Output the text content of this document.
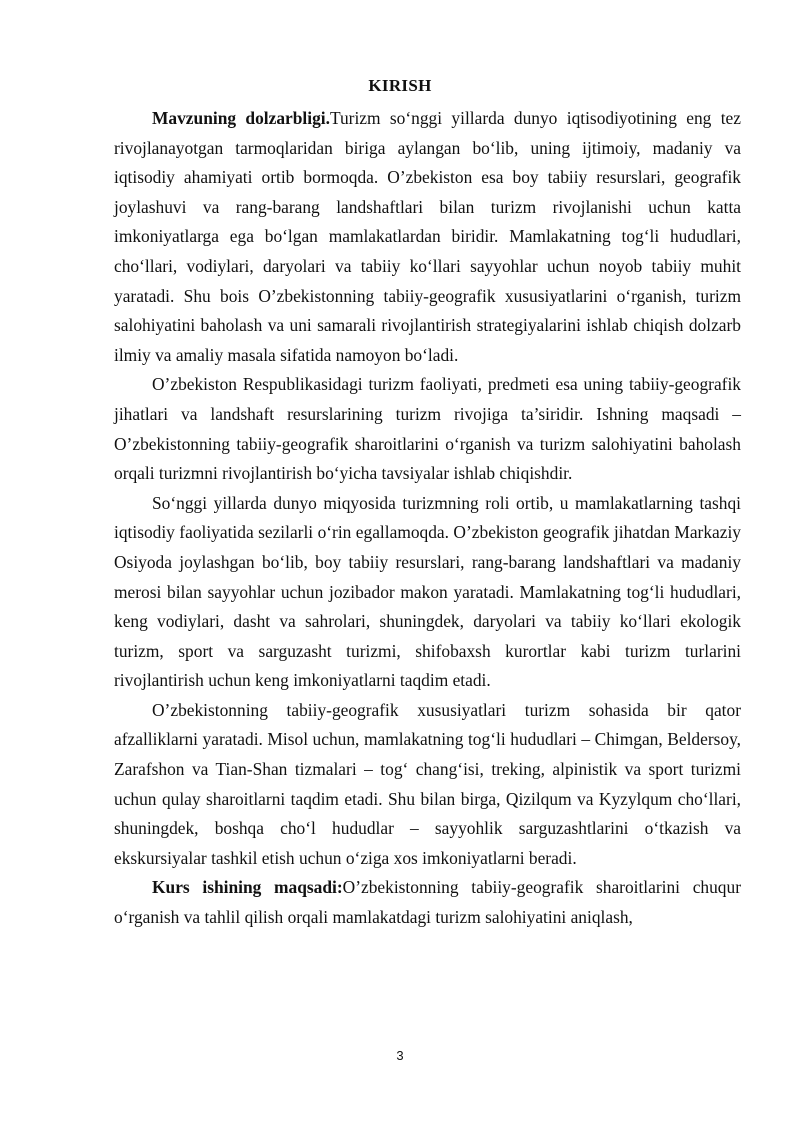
KIRISH

Mavzuning dolzarbligi.Turizm so‘nggi yillarda dunyo iqtisodiyotining eng tez rivojlanayotgan tarmoqlaridan biriga aylangan bo‘lib, uning ijtimoiy, madaniy va iqtisodiy ahamiyati ortib bormoqda. O’zbekiston esa boy tabiiy resurslari, geografik joylashuvi va rang-barang landshaftlari bilan turizm rivojlanishi uchun katta imkoniyatlarga ega bo‘lgan mamlakatlardan biridir. Mamlakatning tog‘li hududlari, cho‘llari, vodiylari, daryolari va tabiiy ko‘llari sayyohlar uchun noyob tabiiy muhit yaratadi. Shu bois O’zbekistonning tabiiy-geografik xususiyatlarini o‘rganish, turizm salohiyatini baholash va uni samarali rivojlantirish strategiyalarini ishlab chiqish dolzarb ilmiy va amaliy masala sifatida namoyon bo‘ladi.

O’zbekiston Respublikasidagi turizm faoliyati, predmeti esa uning tabiiy-geografik jihatlari va landshaft resurslarining turizm rivojiga ta’siridir. Ishning maqsadi – O’zbekistonning tabiiy-geografik sharoitlarini o‘rganish va turizm salohiyatini baholash orqali turizmni rivojlantirish bo‘yicha tavsiyalar ishlab chiqishdir.

So‘nggi yillarda dunyo miqyosida turizmning roli ortib, u mamlakatlarning tashqi iqtisodiy faoliyatida sezilarli o‘rin egallamoqda. O’zbekiston geografik jihatdan Markaziy Osiyoda joylashgan bo‘lib, boy tabiiy resurslari, rang-barang landshaftlari va madaniy merosi bilan sayyohlar uchun jozibador makon yaratadi. Mamlakatning tog‘li hududlari, keng vodiylari, dasht va sahrolari, shuningdek, daryolari va tabiiy ko‘llari ekologik turizm, sport va sarguzasht turizmi, shifobaxsh kurortlar kabi turizm turlarini rivojlantirish uchun keng imkoniyatlarni taqdim etadi.

O’zbekistonning tabiiy-geografik xususiyatlari turizm sohasida bir qator afzalliklarni yaratadi. Misol uchun, mamlakatning tog‘li hududlari – Chimgan, Beldersoy, Zarafshon va Tian-Shan tizmalari – tog‘ chang‘isi, treking, alpinistik va sport turizmi uchun qulay sharoitlarni taqdim etadi. Shu bilan birga, Qizilqum va Kyzylqum cho‘llari, shuningdek, boshqa cho‘l hududlar – sayyohlik sarguzashtlarini o‘tkazish va ekskursiyalar tashkil etish uchun o‘ziga xos imkoniyatlarni beradi.

Kurs ishining maqsadi:O’zbekistonning tabiiy-geografik sharoitlarini chuqur o‘rganish va tahlil qilish orqali mamlakatdagi turizm salohiyatini aniqlash,

3
